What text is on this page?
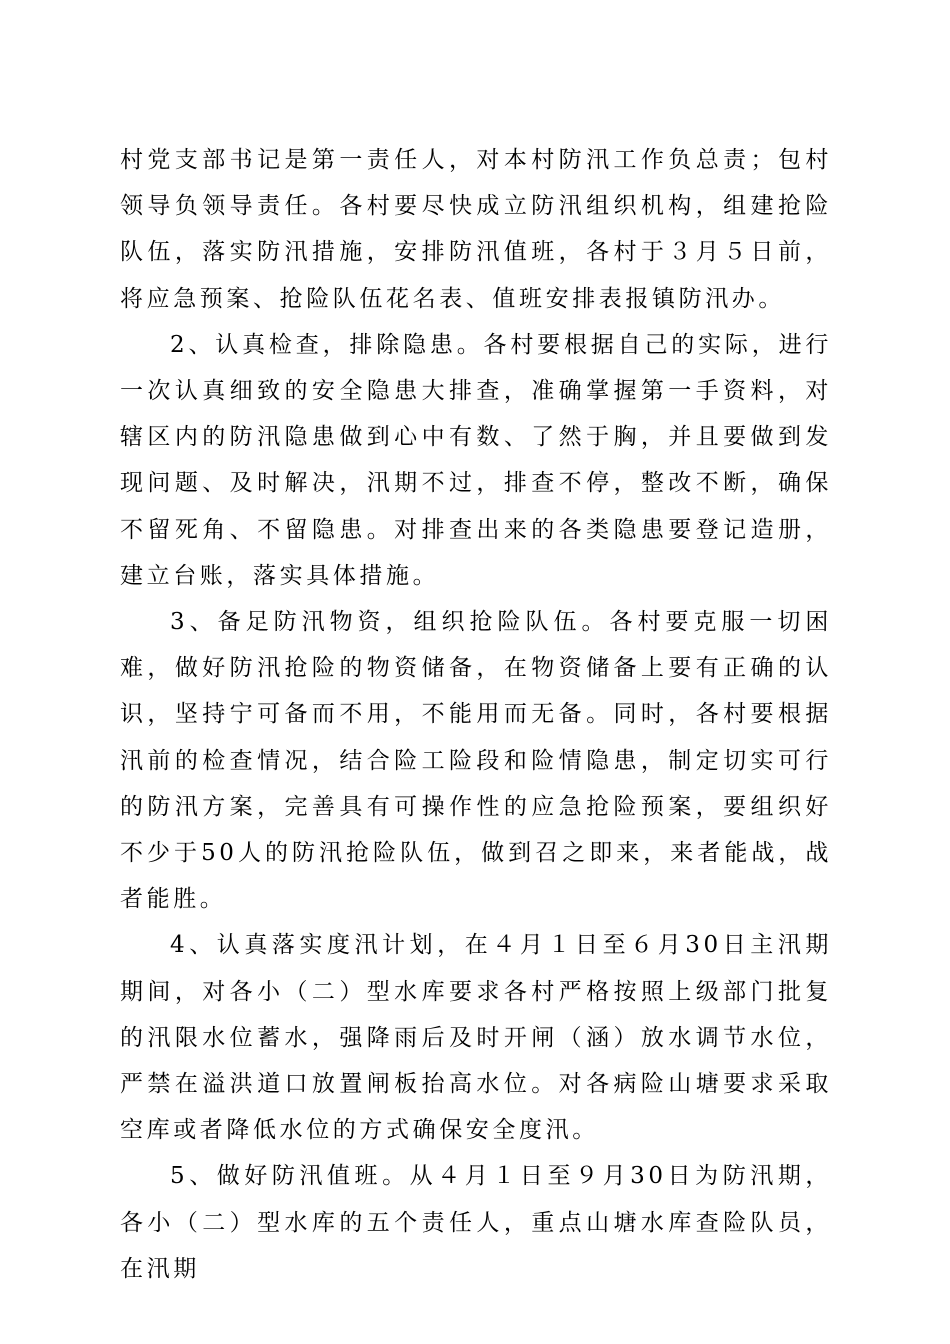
村党支部书记是第一责任人，对本村防汛工作负总责；包村领导负领导责任。各村要尽快成立防汛组织机构，组建抢险队伍，落实防汛措施，安排防汛值班，各村于３月５日前，将应急预案、抢险队伍花名表、值班安排表报镇防汛办。

2、认真检查，排除隐患。各村要根据自己的实际，进行一次认真细致的安全隐患大排查，准确掌握第一手资料，对辖区内的防汛隐患做到心中有数、了然于胸，并且要做到发现问题、及时解决，汛期不过，排查不停，整改不断，确保不留死角、不留隐患。对排查出来的各类隐患要登记造册，建立台账，落实具体措施。

3、备足防汛物资，组织抢险队伍。各村要克服一切困难，做好防汛抢险的物资储备，在物资储备上要有正确的认识，坚持宁可备而不用，不能用而无备。同时，各村要根据汛前的检查情况，结合险工险段和险情隐患，制定切实可行的防汛方案，完善具有可操作性的应急抢险预案，要组织好不少于50人的防汛抢险队伍，做到召之即来，来者能战，战者能胜。

4、认真落实度汛计划，在４月１日至６月30日主汛期期间，对各小（二）型水库要求各村严格按照上级部门批复的汛限水位蓄水，强降雨后及时开闸（涵）放水调节水位，严禁在溢洪道口放置闸板抬高水位。对各病险山塘要求采取空库或者降低水位的方式确保安全度汛。

5、做好防汛值班。从４月１日至９月30日为防汛期，各小（二）型水库的五个责任人，重点山塘水库查险队员，在汛期
